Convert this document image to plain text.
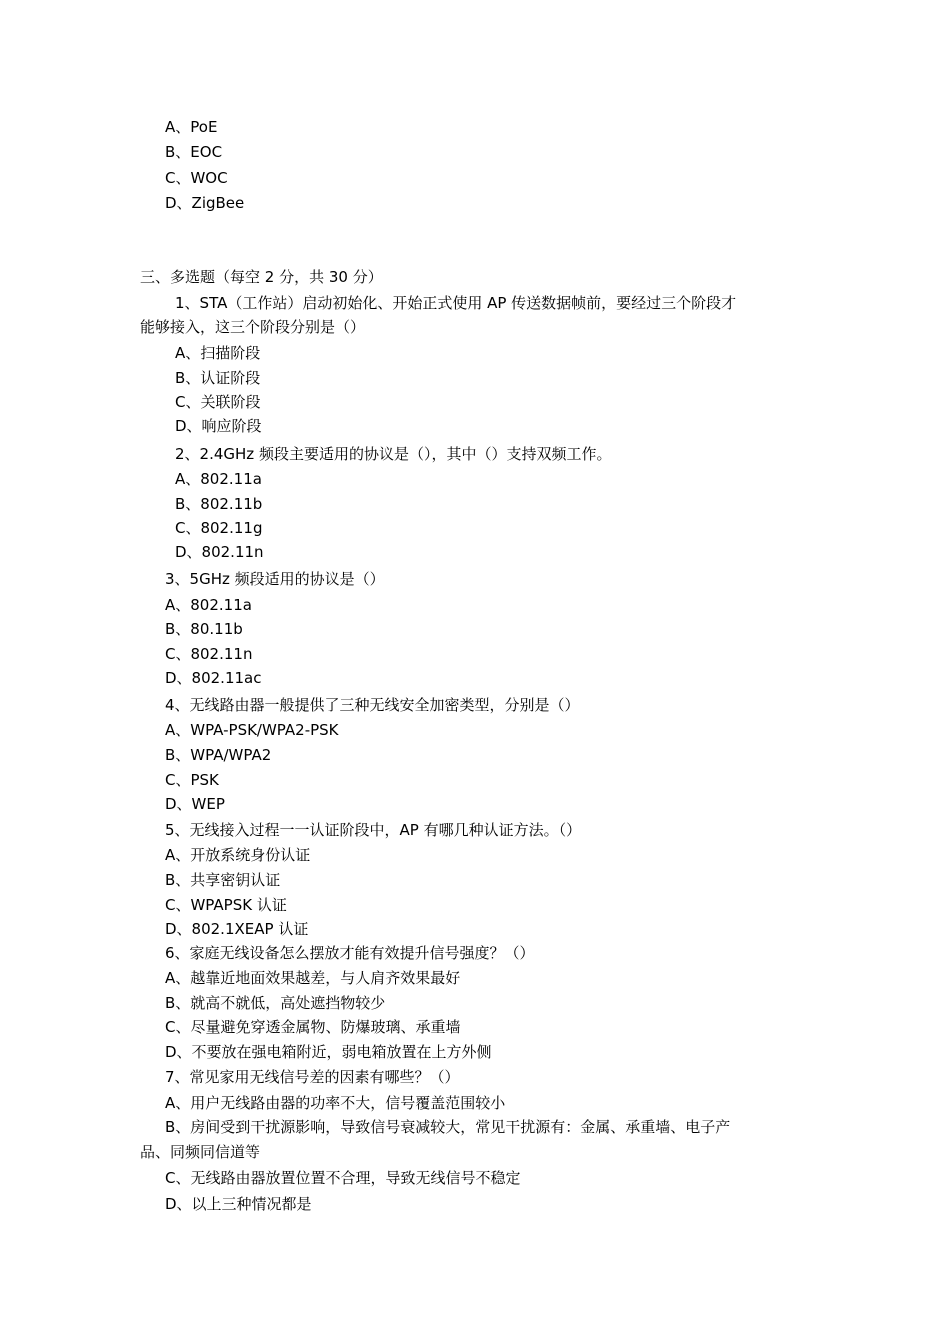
A、PoE
B、EOC
C、WOC
D、ZigBee
三、多选题（每空 2 分，共 30 分）
1、STA（工作站）启动初始化、开始正式使用 AP 传送数据帧前，要经过三个阶段才
能够接入，这三个阶段分别是（）
A、扫描阶段
B、认证阶段
C、关联阶段
D、响应阶段
2、2.4GHz 频段主要适用的协议是（），其中（）支持双频工作。
A、802.11a
B、802.11b
C、802.11g
D、802.11n
3、5GHz 频段适用的协议是（）
A、802.11a
B、80.11b
C、802.11n
D、802.11ac
4、无线路由器一般提供了三种无线安全加密类型，分别是（）
A、WPA-PSK/WPA2-PSK
B、WPA/WPA2
C、PSK
D、WEP
5、无线接入过程一一认证阶段中，AP 有哪几种认证方法。（）
A、开放系统身份认证
B、共享密钥认证
C、WPAPSK 认证
D、802.1XEAP 认证
6、家庭无线设备怎么摆放才能有效提升信号强度？（）
A、越靠近地面效果越差，与人肩齐效果最好
B、就高不就低，高处遮挡物较少
C、尽量避免穿透金属物、防爆玻璃、承重墙
D、不要放在强电箱附近，弱电箱放置在上方外侧
7、常见家用无线信号差的因素有哪些？（）
A、用户无线路由器的功率不大，信号覆盖范围较小
B、房间受到干扰源影响，导致信号衰减较大，常见干扰源有：金属、承重墙、电子产
品、同频同信道等
C、无线路由器放置位置不合理，导致无线信号不稳定
D、以上三种情况都是
